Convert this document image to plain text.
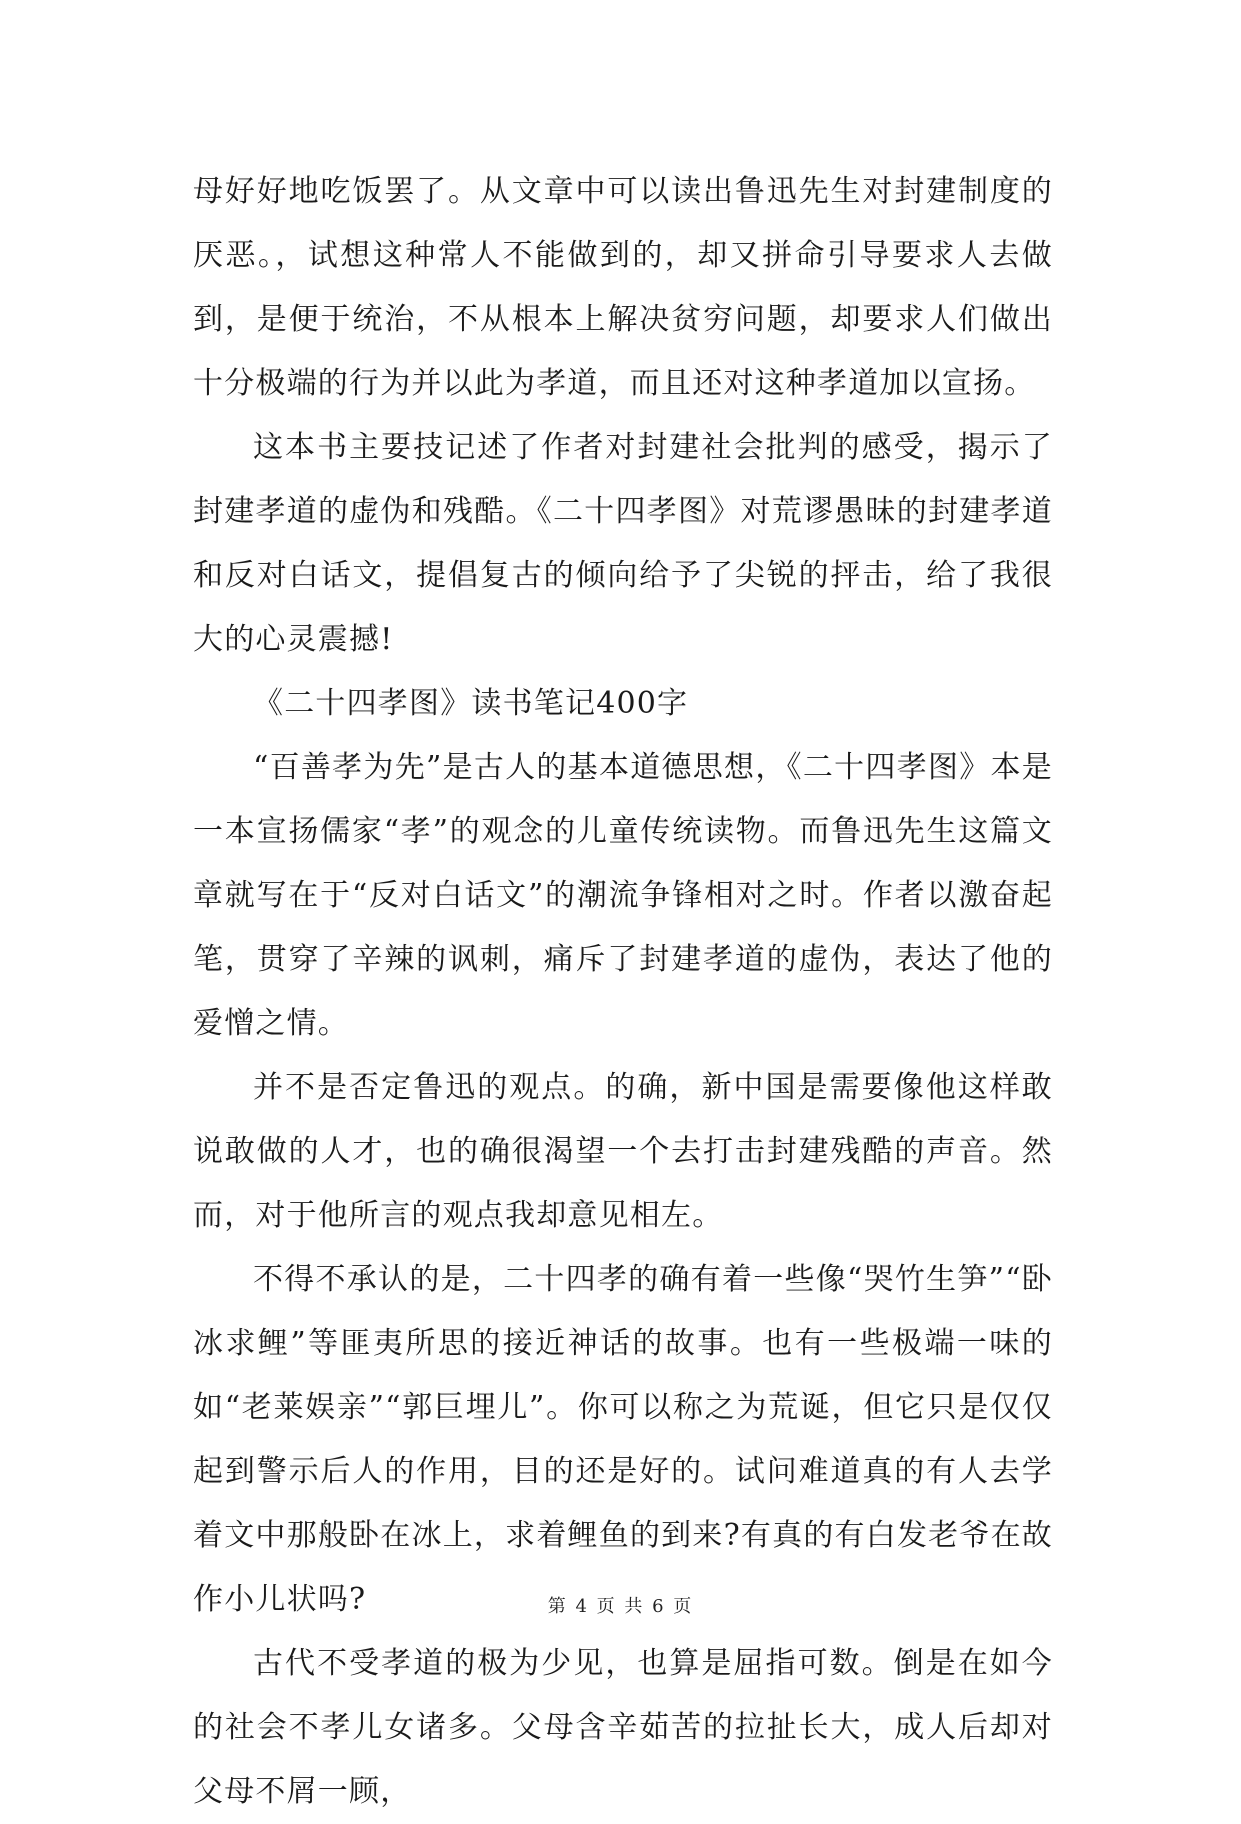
母好好地吃饭罢了。从文章中可以读出鲁迅先生对封建制度的厌恶。，试想这种常人不能做到的，却又拼命引导要求人去做到，是便于统治，不从根本上解决贫穷问题，却要求人们做出十分极端的行为并以此为孝道，而且还对这种孝道加以宣扬。

这本书主要技记述了作者对封建社会批判的感受，揭示了封建孝道的虚伪和残酷。《二十四孝图》对荒谬愚昧的封建孝道和反对白话文，提倡复古的倾向给予了尖锐的抨击，给了我很大的心灵震撼!

《二十四孝图》读书笔记400字

“百善孝为先”是古人的基本道德思想，《二十四孝图》本是一本宣扬儒家“孝”的观念的儿童传统读物。而鲁迅先生这篇文章就写在于“反对白话文”的潮流争锋相对之时。作者以激奋起笔，贯穿了辛辣的讽刺，痛斥了封建孝道的虚伪，表达了他的爱憎之情。

并不是否定鲁迅的观点。的确，新中国是需要像他这样敢说敢做的人才，也的确很渴望一个去打击封建残酷的声音。然而，对于他所言的观点我却意见相左。

不得不承认的是，二十四孝的确有着一些像“哭竹生笋”“卧冰求鲤”等匪夷所思的接近神话的故事。也有一些极端一味的如“老莱娱亲”“郭巨埋儿”。你可以称之为荒诞，但它只是仅仅起到警示后人的作用，目的还是好的。试问难道真的有人去学着文中那般卧在冰上，求着鲤鱼的到来?有真的有白发老爷在故作小儿状吗?

古代不受孝道的极为少见，也算是屈指可数。倒是在如今的社会不孝儿女诸多。父母含辛茹苦的拉扯长大，成人后却对父母不屑一顾，

第 4 页 共 6 页
